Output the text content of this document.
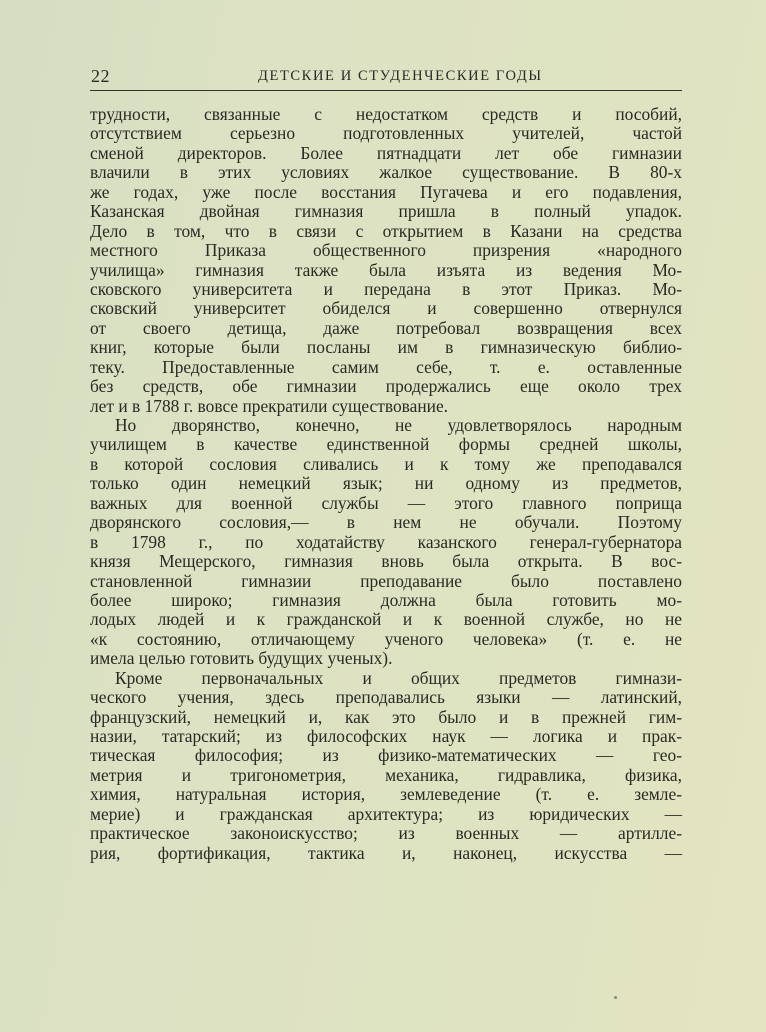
22	ДЕТСКИЕ И СТУДЕНЧЕСКИЕ ГОДЫ
трудности, связанные с недостатком средств и пособий,
отсутствием серьезно подготовленных учителей, частой
сменой директоров. Более пятнадцати лет обе гимназии
влачили в этих условиях жалкое существование. В 80-х
же годах, уже после восстания Пугачева и его подавления,
Казанская двойная гимназия пришла в полный упадок.
Дело в том, что в связи с открытием в Казани на средства
местного Приказа общественного призрения «народного
училища» гимназия также была изъята из ведения Мо-
сковского университета и передана в этот Приказ. Мо-
сковский университет обиделся и совершенно отвернулся
от своего детища, даже потребовал возвращения всех
книг, которые были посланы им в гимназическую библио-
теку. Предоставленные самим себе, т. е. оставленные
без средств, обе гимназии продержались еще около трех
лет и в 1788 г. вовсе прекратили существование.
Но дворянство, конечно, не удовлетворялось народным
училищем в качестве единственной формы средней школы,
в которой сословия сливались и к тому же преподавался
только один немецкий язык; ни одному из предметов,
важных для военной службы — этого главного поприща
дворянского сословия,— в нем не обучали. Поэтому
в 1798 г., по ходатайству казанского генерал-губернатора
князя Мещерского, гимназия вновь была открыта. В вос-
становленной гимназии преподавание было поставлено
более широко; гимназия должна была готовить мо-
лодых людей и к гражданской и к военной службе, но не
«к состоянию, отличающему ученого человека» (т. е. не
имела целью готовить будущих ученых).
Кроме первоначальных и общих предметов гимнази-
ческого учения, здесь преподавались языки — латинский,
французский, немецкий и, как это было и в прежней гим-
назии, татарский; из философских наук — логика и прак-
тическая философия; из физико-математических — гео-
метрия и тригонометрия, механика, гидравлика, физика,
химия, натуральная история, землеведение (т. е. земле-
мерие) и гражданская архитектура; из юридических —
практическое законоискусство; из военных — артилле-
рия, фортификация, тактика и, наконец, искусства —
